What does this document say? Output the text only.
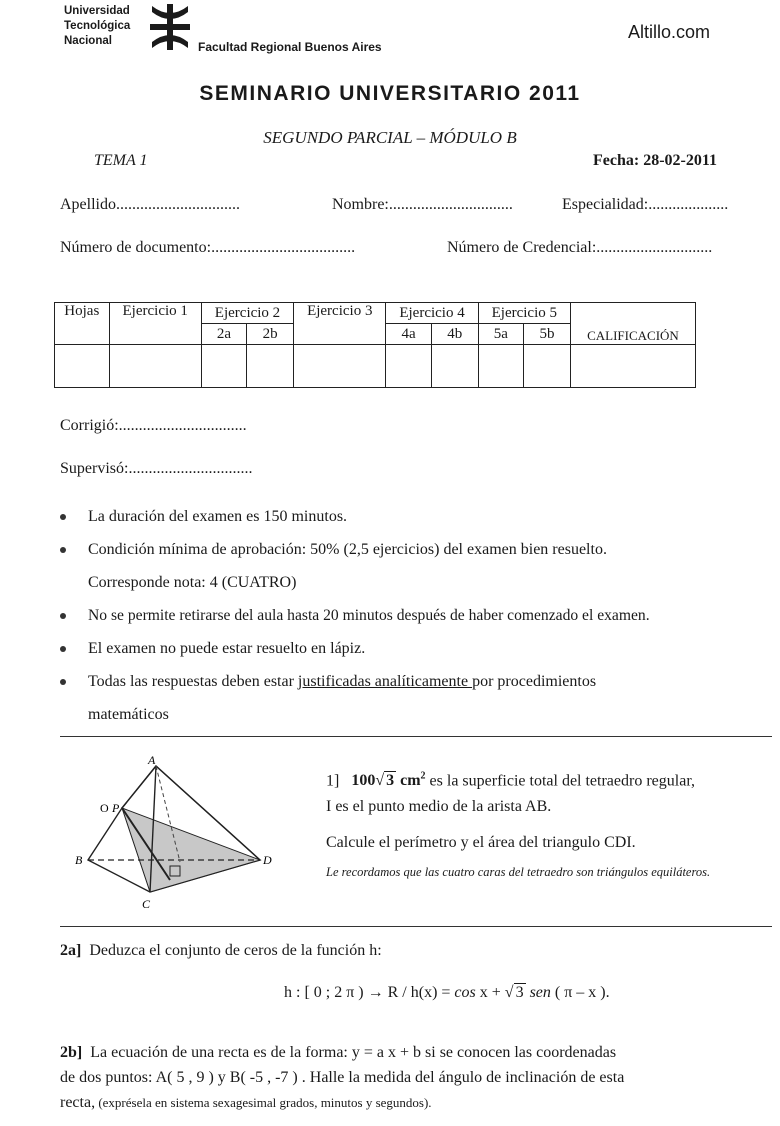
Universidad
Tecnológica
Nacional	Facultad Regional Buenos Aires
Altillo.com
SEMINARIO UNIVERSITARIO 2011
SEGUNDO PARCIAL – MÓDULO B
TEMA 1	Fecha: 28-02-2011
Apellido...............................	Nombre:...............................	Especialidad:....................
Número de documento:....................................	Número de Credencial:.............................
Hojas	Ejercicio 1	Ejercicio 2		Ejercicio 3	Ejercicio 4		Ejercicio 5		CALIFICACIÓN
		2a	2b		4a	4b	5a	5b	

Corrigió:................................
Supervisó:...............................
La duración del examen es 150 minutos.
Condición mínima de aprobación: 50% (2,5 ejercicios) del examen bien resuelto.
Corresponde nota: 4 (CUATRO)
No se permite retirarse del aula hasta 20 minutos después de haber comenzado el examen.
El examen no puede estar resuelto en lápiz.
Todas las respuestas deben estar justificadas analíticamente por procedimientos
matemáticos
A
B
C
D
P
O
1] 100√ 3 $cm^2$ es la superficie total del tetraedro regular,
I es el punto medio de la arista AB.
Calcule el perímetro y el área del triangulo CDI.
Le recordamos que las cuatro caras del tetraedro son triángulos equiláteros.
2a] Deduzca el conjunto de ceros de la función h:
h : [ 0 ; 2 π ) → R / h(x) = cos x + √ 3 sen ( π – x ).
2b] La ecuación de una recta es de la forma: y = a x + b si se conocen las coordenadas
de dos puntos: A( 5 , 9 ) y B( -5 , -7 ) . Halle la medida del ángulo de inclinación de esta
recta, (exprésela en sistema sexagesimal grados, minutos y segundos).
